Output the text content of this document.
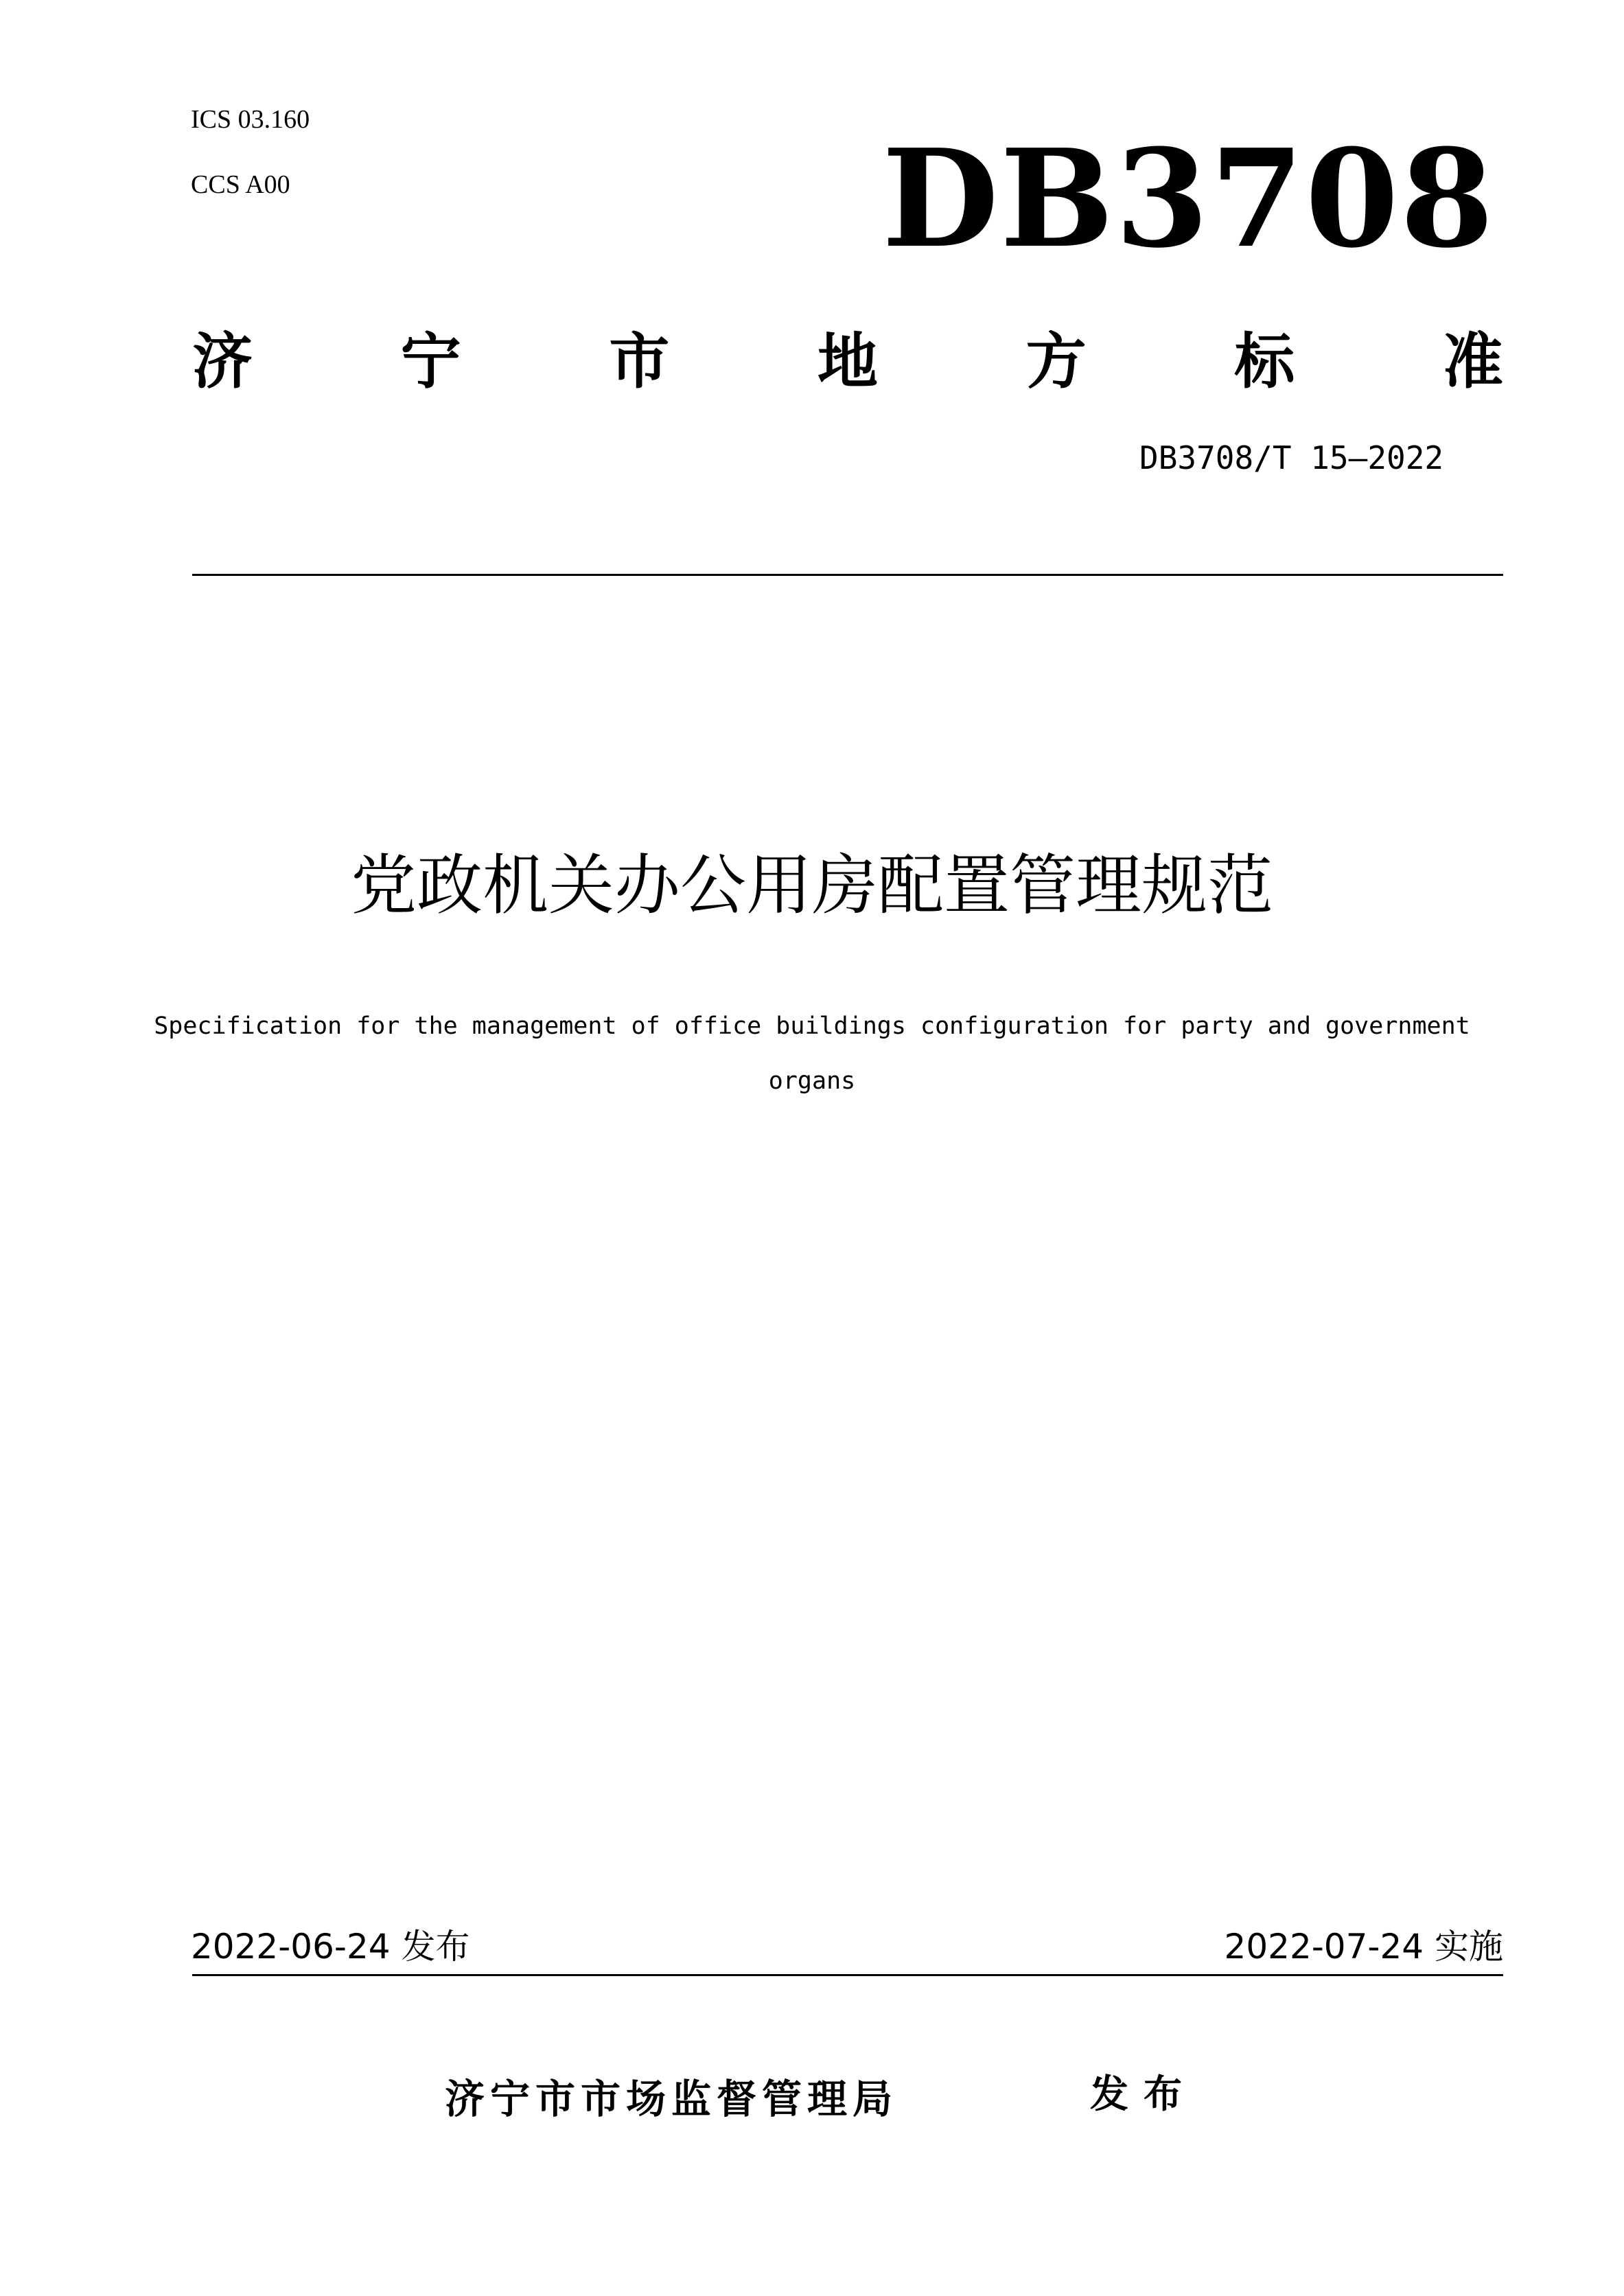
ICS 03.160
CCS A00	DB3708
济 宁 市 地 方 标 准
DB3708/T 15—2022
党政机关办公用房配置管理规范
Specification for the management of office buildings configuration for party and government
organs
2022-06-24 发布	2022-07-24 实施
济宁市市场监督管理局	发布
